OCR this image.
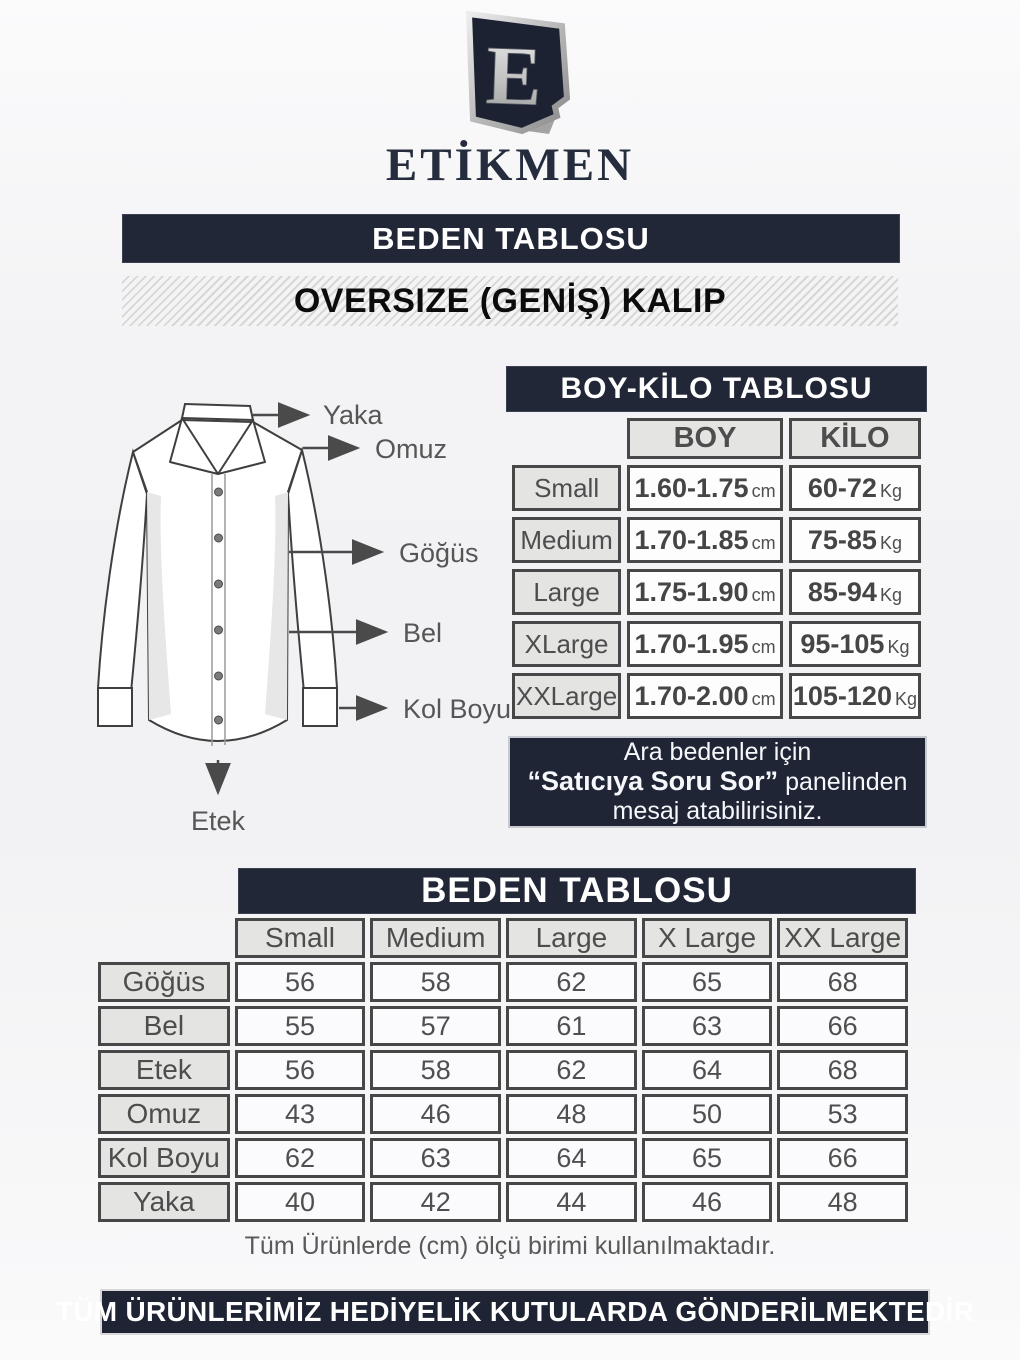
E
ETİKMEN
BEDEN TABLOSU
OVERSIZE (GENİŞ) KALIP
Yaka
Omuz
Göğüs
Bel
Kol Boyu
Etek
BOY-KİLO TABLOSU
	BOY	KİLO
Small	1.60-1.75 cm	60-72 Kg
Medium	1.70-1.85 cm	75-85 Kg
Large	1.75-1.90 cm	85-94 Kg
XLarge	1.70-1.95 cm	95-105 Kg
XXLarge	1.70-2.00 cm	105-120 Kg
Ara bedenler için
“Satıcıya Soru Sor” panelinden
mesaj atabilirisiniz.
BEDEN TABLOSU
	Small	Medium	Large	X Large	XX Large
Göğüs	56	58	62	65	68
Bel	55	57	61	63	66
Etek	56	58	62	64	68
Omuz	43	46	48	50	53
Kol Boyu	62	63	64	65	66
Yaka	40	42	44	46	48
Tüm Ürünlerde (cm) ölçü birimi kullanılmaktadır.
TÜM ÜRÜNLERİMİZ HEDİYELİK KUTULARDA GÖNDERİLMEKTEDİR
